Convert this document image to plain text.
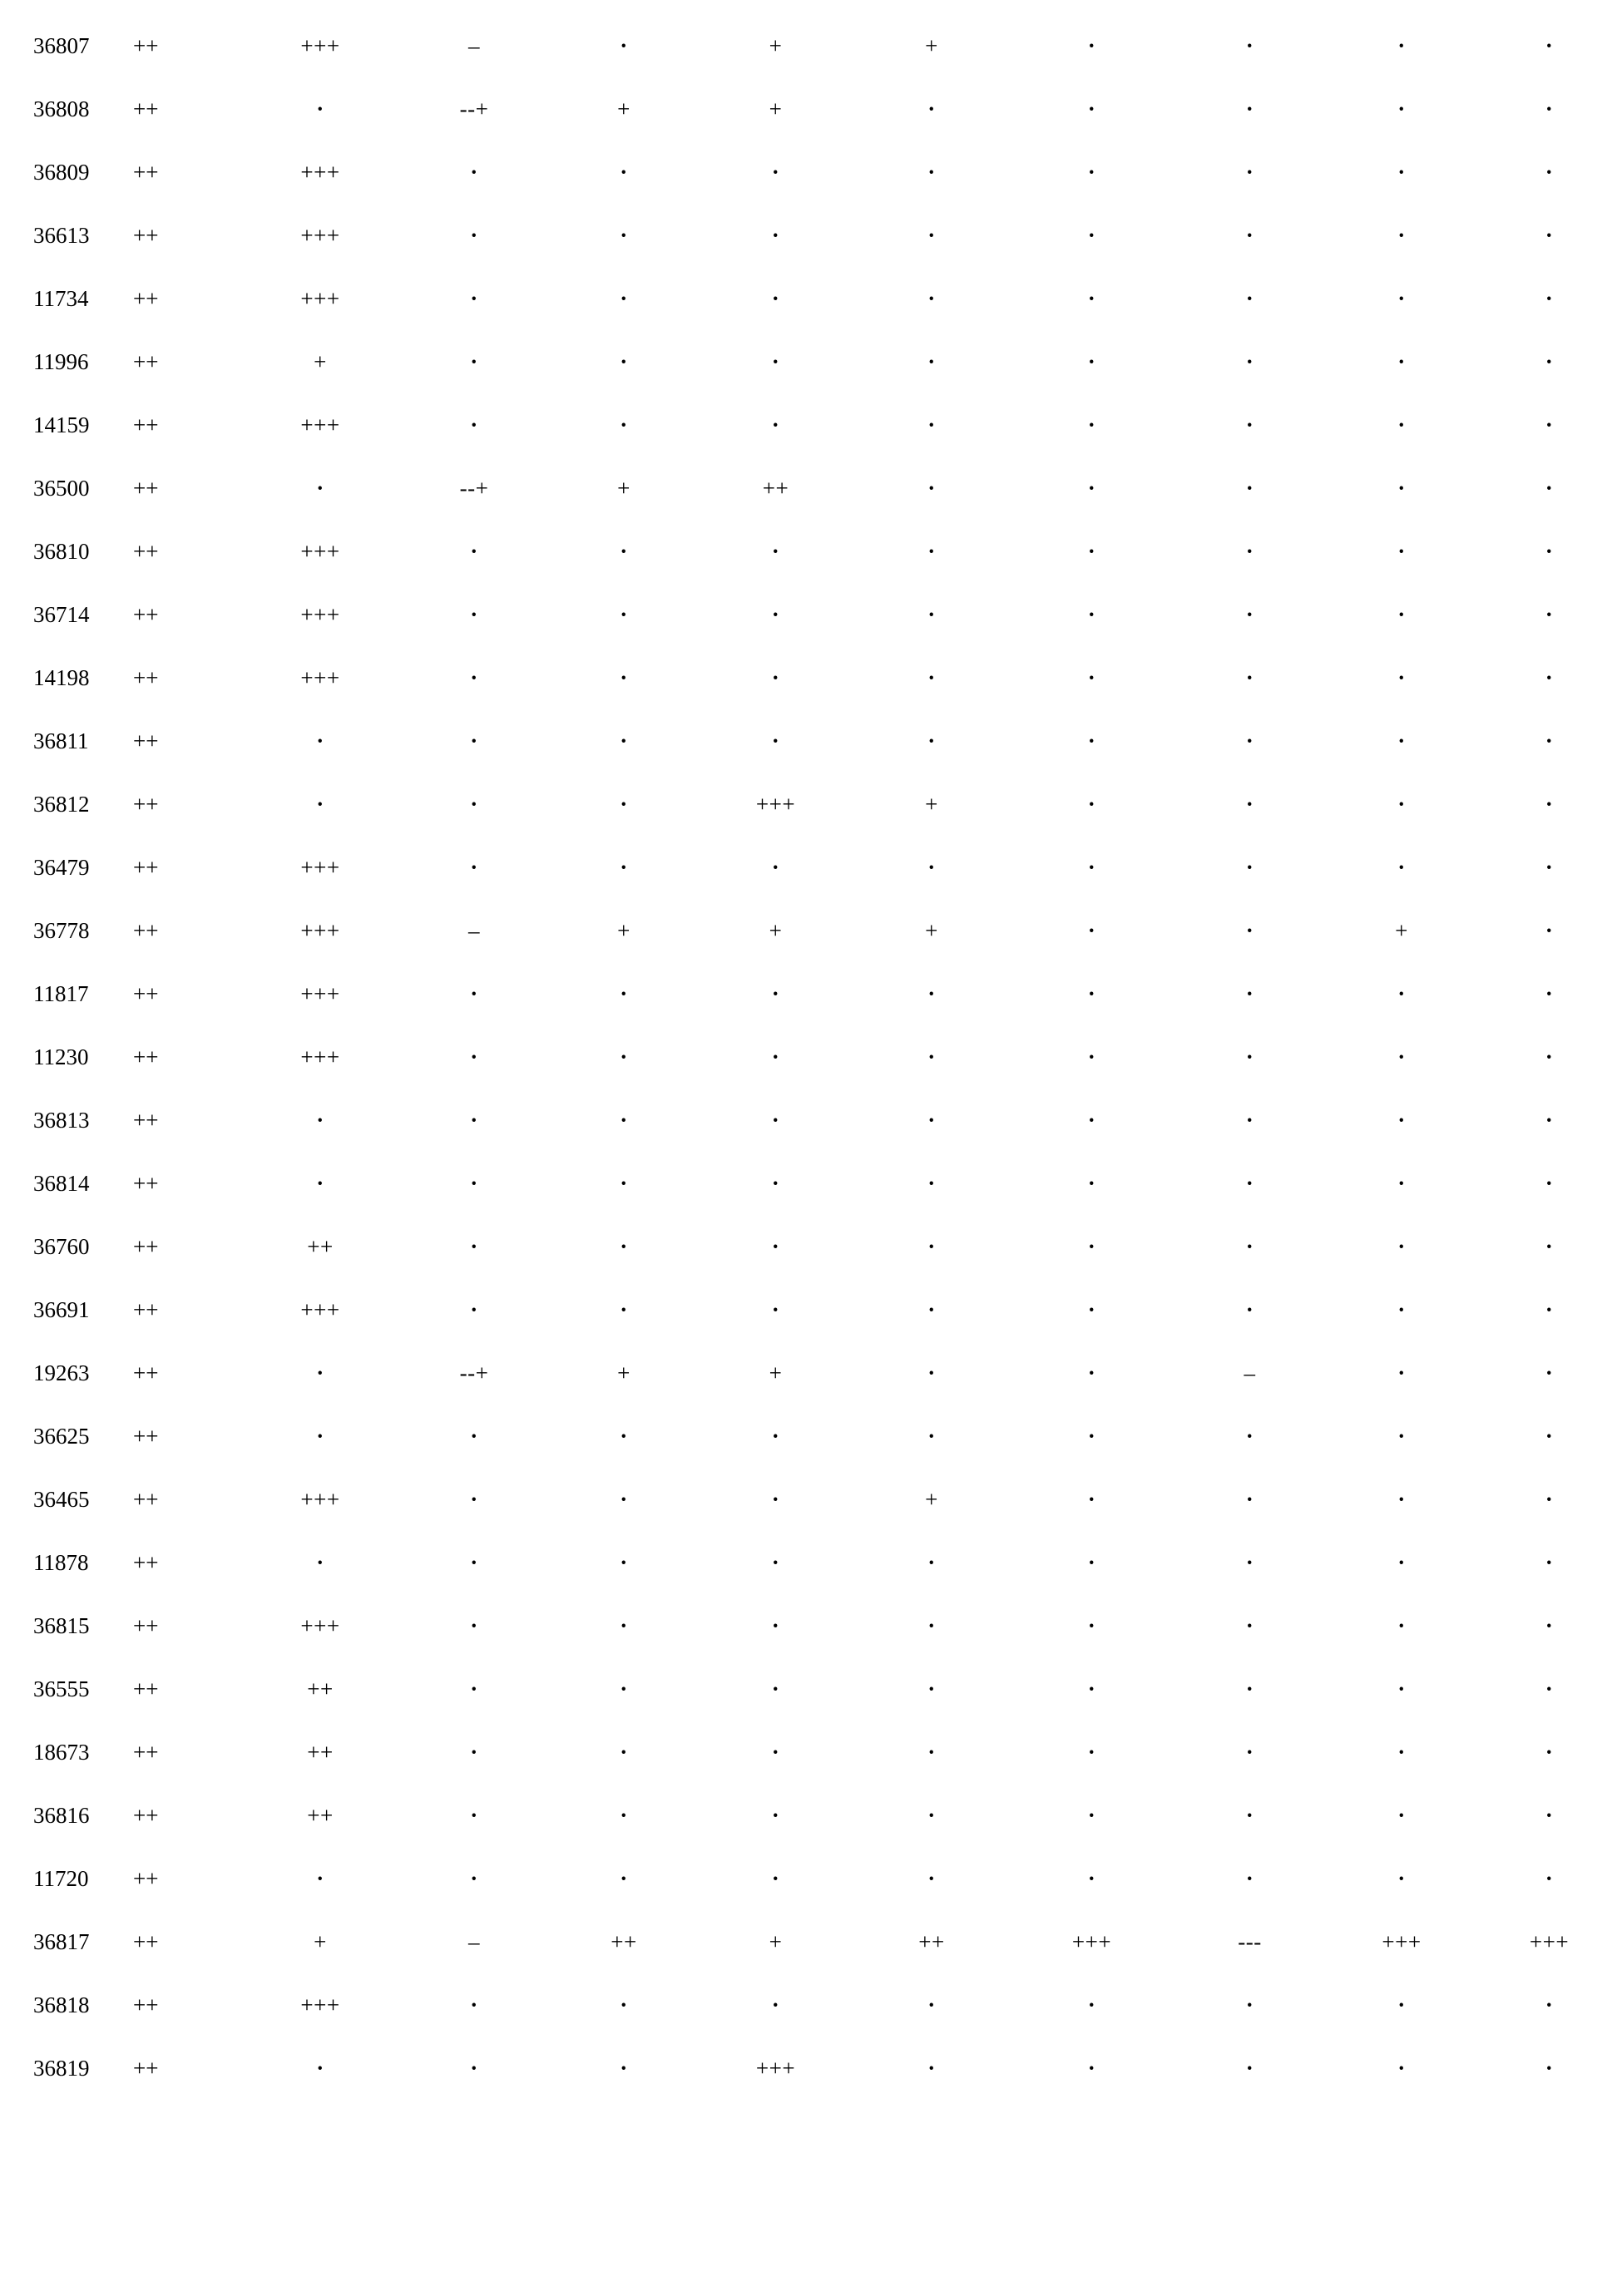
36807 ++	+++	–	·	+	+	·	·	·	·
36808 ++	·	--+	+	+	·	·	·	·	·
36809 ++	+++	·	·	·	·	·	·	·	·
36613 ++	+++	·	·	·	·	·	·	·	·
11734 ++	+++	·	·	·	·	·	·	·	·
11996 ++	+	·	·	·	·	·	·	·	·
14159 ++	+++	·	·	·	·	·	·	·	·
36500 ++	·	--+	+	++	·	·	·	·	·
36810 ++	+++	·	·	·	·	·	·	·	·
36714 ++	+++	·	·	·	·	·	·	·	·
14198 ++	+++	·	·	·	·	·	·	·	·
36811 ++	·	·	·	·	·	·	·	·	·
36812 ++	·	·	·	+++	+	·	·	·	·
36479 ++	+++	·	·	·	·	·	·	·	·
36778 ++	+++	–	+	+	+	·	·	+	·
11817 ++	+++	·	·	·	·	·	·	·	·
11230 ++	+++	·	·	·	·	·	·	·	·
36813 ++	·	·	·	·	·	·	·	·	·
36814 ++	·	·	·	·	·	·	·	·	·
36760 ++	++	·	·	·	·	·	·	·	·
36691 ++	+++	·	·	·	·	·	·	·	·
19263 ++	·	--+	+	+	·	·	–	·	·
36625 ++	·	·	·	·	·	·	·	·	·
36465 ++	+++	·	·	·	+	·	·	·	·
11878 ++	·	·	·	·	·	·	·	·	·
36815 ++	+++	·	·	·	·	·	·	·	·
36555 ++	++	·	·	·	·	·	·	·	·
18673 ++	++	·	·	·	·	·	·	·	·
36816 ++	++	·	·	·	·	·	·	·	·
11720 ++	·	·	·	·	·	·	·	·	·
36817 ++	+	–	++	+	++	+++	---	+++	+++
36818 ++	+++	·	·	·	·	·	·	·	·
36819 ++	·	·	·	+++	·	·	·	·	·
